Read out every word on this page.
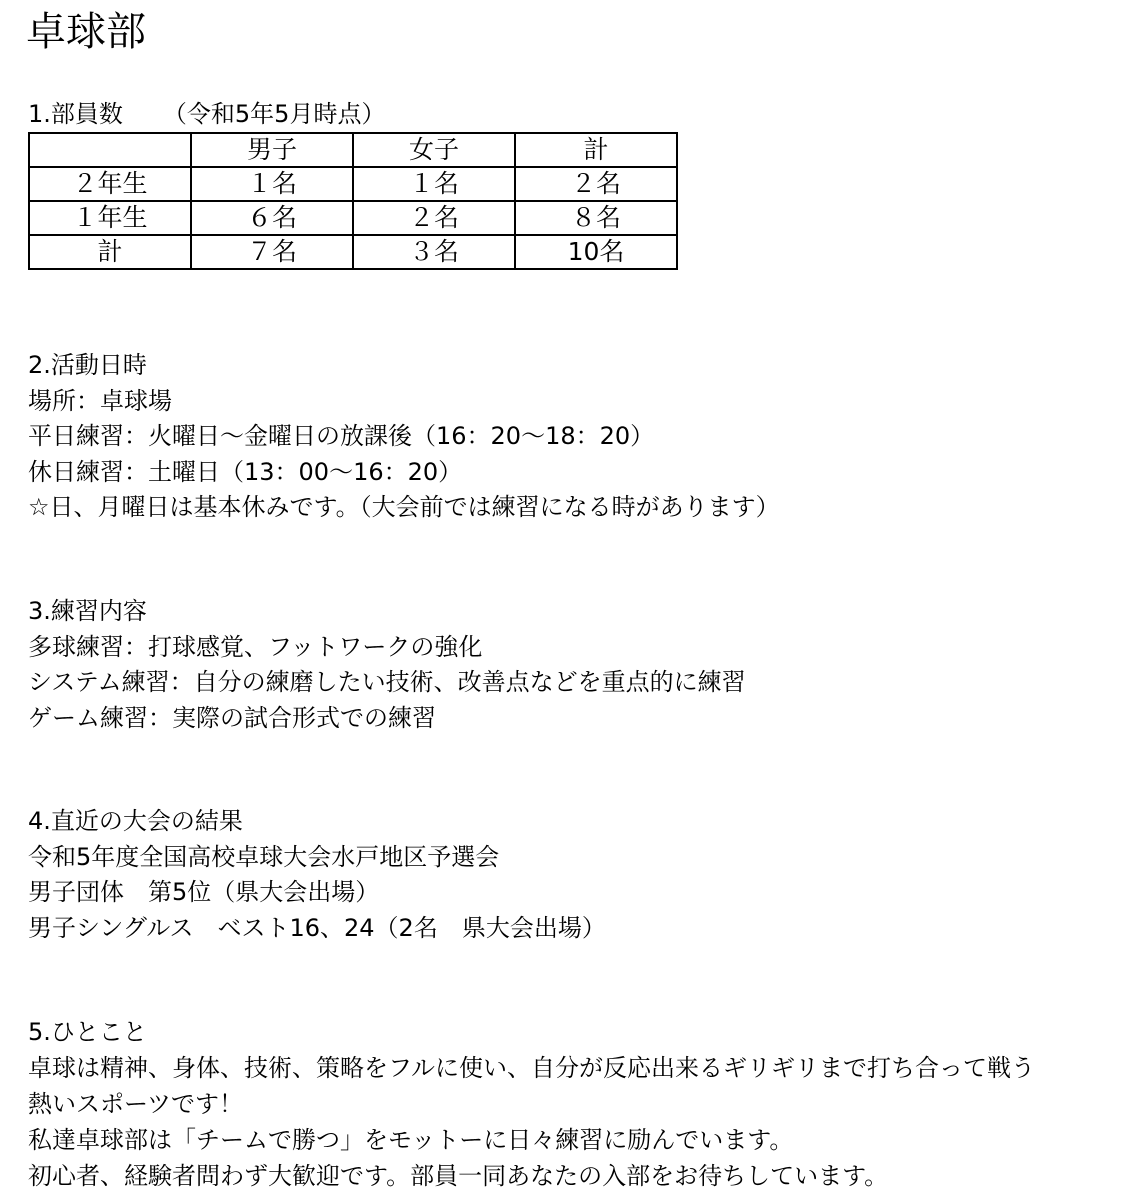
卓球部
1.部員数 （令和5年5月時点）
	男子	女子	計
２年生	１名	１名	２名
１年生	６名	２名	８名
計	７名	３名	10名
2.活動日時
場所：卓球場
平日練習：火曜日～金曜日の放課後（16：20～18：20）
休日練習：土曜日（13：00～16：20）
☆日、月曜日は基本休みです。（大会前では練習になる時があります）
3.練習内容
多球練習：打球感覚、フットワークの強化
システム練習：自分の練磨したい技術、改善点などを重点的に練習
ゲーム練習：実際の試合形式での練習
4.直近の大会の結果
令和5年度全国高校卓球大会水戸地区予選会
男子団体　第5位（県大会出場）
男子シングルス　ベスト16、24（2名　県大会出場）
5.ひとこと
卓球は精神、身体、技術、策略をフルに使い、自分が反応出来るギリギリまで打ち合って戦う
熱いスポーツです！
私達卓球部は「チームで勝つ」をモットーに日々練習に励んでいます。
初心者、経験者問わず大歓迎です。部員一同あなたの入部をお待ちしています。
